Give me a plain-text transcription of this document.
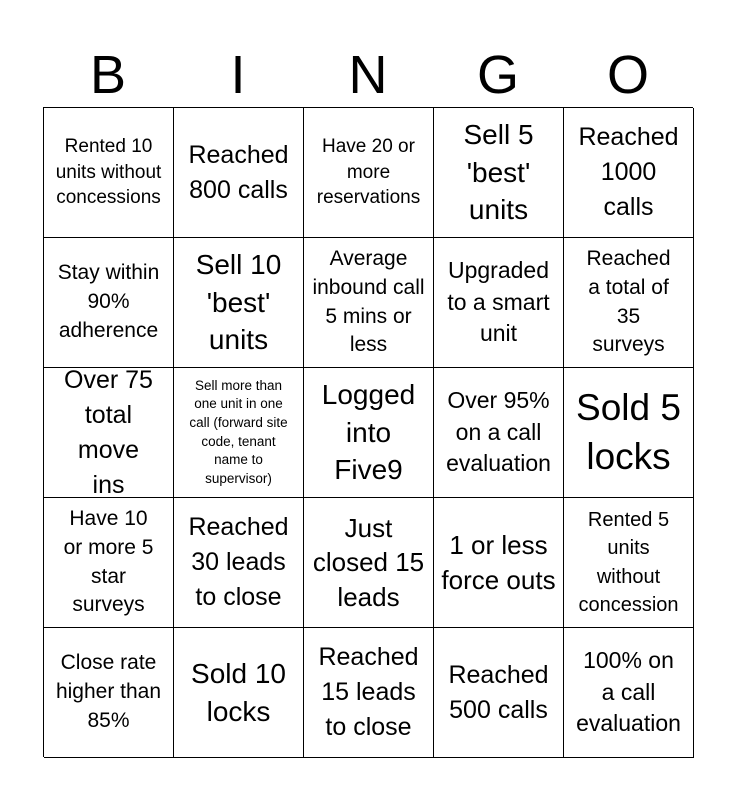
B	I	N	G	O
Rented 10 units without concessions
Reached 800 calls
Have 20 or more reservations
Sell 5 'best' units
Reached 1000 calls
Stay within 90% adherence
Sell 10 'best' units
Average inbound call 5 mins or less
Upgraded to a smart unit
Reached a total of 35 surveys
Over 75 total move ins
Sell more than one unit in one call (forward site code, tenant name to supervisor)
Logged into Five9
Over 95% on a call evaluation
Sold 5 locks
Have 10 or more 5 star surveys
Reached 30 leads to close
Just closed 15 leads
1 or less force outs
Rented 5 units without concession
Close rate higher than 85%
Sold 10 locks
Reached 15 leads to close
Reached 500 calls
100% on a call evaluation
